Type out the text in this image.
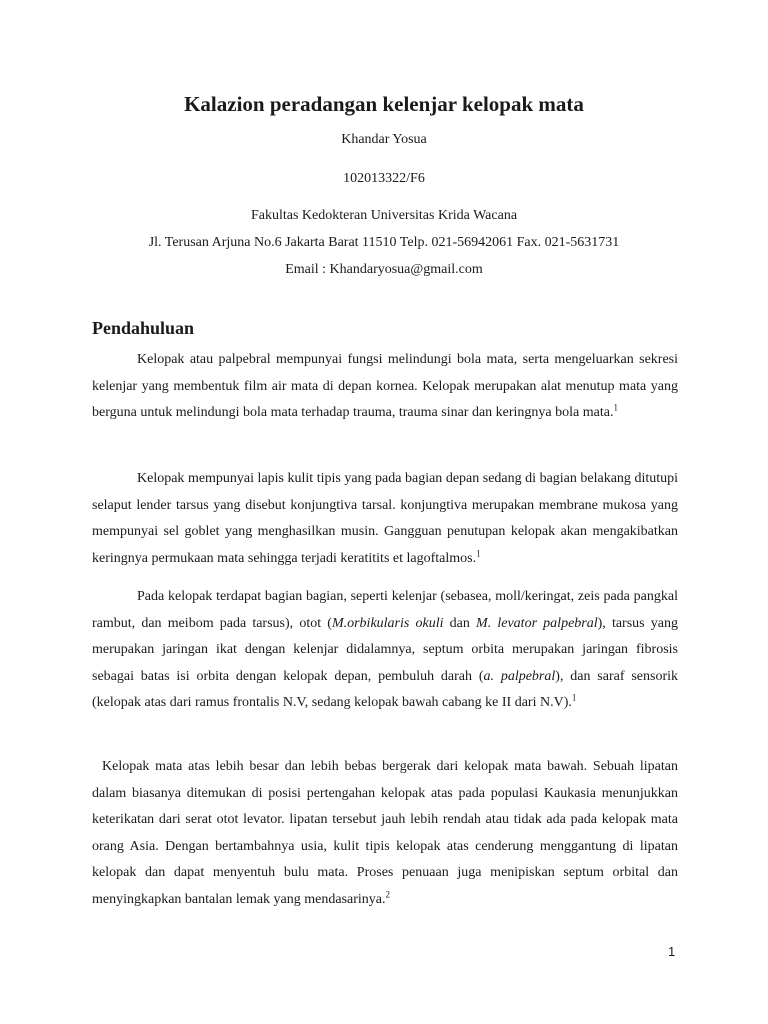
Kalazion peradangan kelenjar kelopak mata
Khandar Yosua
102013322/F6
Fakultas Kedokteran Universitas Krida Wacana
Jl. Terusan Arjuna No.6 Jakarta Barat 11510 Telp. 021-56942061 Fax. 021-5631731
Email : Khandaryosua@gmail.com
Pendahuluan

Kelopak atau palpebral mempunyai fungsi melindungi bola mata, serta mengeluarkan sekresi kelenjar yang membentuk film air mata di depan kornea. Kelopak merupakan alat menutup mata yang berguna untuk melindungi bola mata terhadap trauma, trauma sinar dan keringnya bola mata.$^1$

Kelopak mempunyai lapis kulit tipis yang pada bagian depan sedang di bagian belakang ditutupi selaput lender tarsus yang disebut konjungtiva tarsal. konjungtiva merupakan membrane mukosa yang mempunyai sel goblet yang menghasilkan musin. Gangguan penutupan kelopak akan mengakibatkan keringnya permukaan mata sehingga terjadi keratitits et lagoftalmos.$^1$

Pada kelopak terdapat bagian bagian, seperti kelenjar (sebasea, moll/keringat, zeis pada pangkal rambut, dan meibom pada tarsus), otot (M.orbikularis okuli dan M. levator palpebral), tarsus yang merupakan jaringan ikat dengan kelenjar didalamnya, septum orbita merupakan jaringan fibrosis sebagai batas isi orbita dengan kelopak depan, pembuluh darah (a. palpebral), dan saraf sensorik (kelopak atas dari ramus frontalis N.V, sedang kelopak bawah cabang ke II dari N.V).$^1$

Kelopak mata atas lebih besar dan lebih bebas bergerak dari kelopak mata bawah. Sebuah lipatan dalam biasanya ditemukan di posisi pertengahan kelopak atas pada populasi Kaukasia menunjukkan keterikatan dari serat otot levator. lipatan tersebut jauh lebih rendah atau tidak ada pada kelopak mata orang Asia. Dengan bertambahnya usia, kulit tipis kelopak atas cenderung menggantung di lipatan kelopak dan dapat menyentuh bulu mata. Proses penuaan juga menipiskan septum orbital dan menyingkapkan bantalan lemak yang mendasarinya.$^2$

1
